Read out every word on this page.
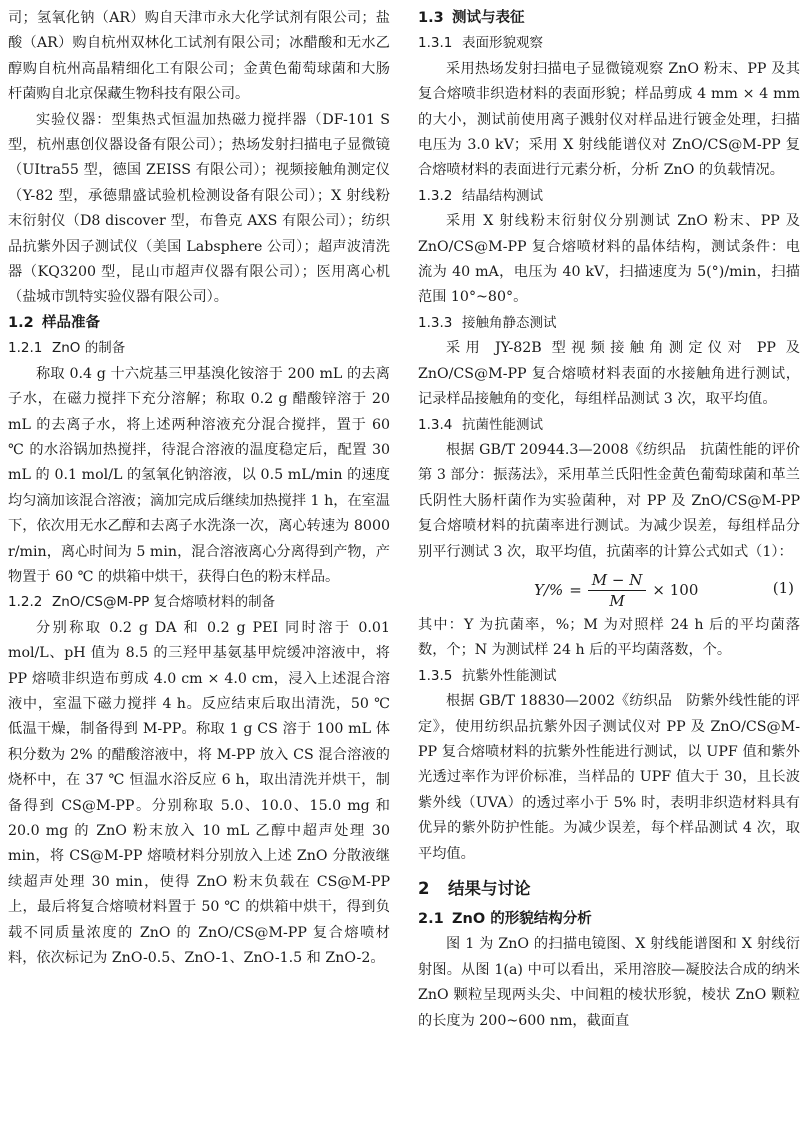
司；氢氧化钠（AR）购自天津市永大化学试剂有限公司；盐酸（AR）购自杭州双林化工试剂有限公司；冰醋酸和无水乙醇购自杭州高晶精细化工有限公司；金黄色葡萄球菌和大肠杆菌购自北京保藏生物科技有限公司。

实验仪器：型集热式恒温加热磁力搅拌器（DF-101 S 型，杭州惠创仪器设备有限公司）；热场发射扫描电子显微镜（UItra55 型，德国 ZEISS 有限公司）；视频接触角测定仪（Y-82 型，承德鼎盛试验机检测设备有限公司）；X 射线粉末衍射仪（D8 discover 型，布鲁克 AXS 有限公司）；纺织品抗紫外因子测试仪（美国 Labsphere 公司）；超声波清洗器（KQ3200 型，昆山市超声仪器有限公司）；医用离心机（盐城市凯特实验仪器有限公司）。

1.2 样品准备
1.2.1 ZnO 的制备

称取 0.4 g 十六烷基三甲基溴化铵溶于 200 mL 的去离子水，在磁力搅拌下充分溶解；称取 0.2 g 醋酸锌溶于 20 mL 的去离子水，将上述两种溶液充分混合搅拌，置于 60 ℃ 的水浴锅加热搅拌，待混合溶液的温度稳定后，配置 30 mL 的 0.1 mol/L 的氢氧化钠溶液，以 0.5 mL/min 的速度均匀滴加该混合溶液；滴加完成后继续加热搅拌 1 h，在室温下，依次用无水乙醇和去离子水洗涤一次，离心转速为 8000 r/min，离心时间为 5 min，混合溶液离心分离得到产物，产物置于 60 ℃ 的烘箱中烘干，获得白色的粉末样品。

1.2.2 ZnO/CS@M-PP 复合熔喷材料的制备

分别称取 0.2 g DA 和 0.2 g PEI 同时溶于 0.01 mol/L、pH 值为 8.5 的三羟甲基氨基甲烷缓冲溶液中，将 PP 熔喷非织造布剪成 4.0 cm × 4.0 cm，浸入上述混合溶液中，室温下磁力搅拌 4 h。反应结束后取出清洗，50 ℃ 低温干燥，制备得到 M-PP。称取 1 g CS 溶于 100 mL 体积分数为 2% 的醋酸溶液中，将 M-PP 放入 CS 混合溶液的烧杯中，在 37 ℃ 恒温水浴反应 6 h，取出清洗并烘干，制备得到 CS@M-PP。分别称取 5.0、10.0、15.0 mg 和 20.0 mg 的 ZnO 粉末放入 10 mL 乙醇中超声处理 30 min，将 CS@M-PP 熔喷材料分别放入上述 ZnO 分散液继续超声处理 30 min，使得 ZnO 粉末负载在 CS@M-PP 上，最后将复合熔喷材料置于 50 ℃ 的烘箱中烘干，得到负载不同质量浓度的 ZnO 的 ZnO/CS@M-PP 复合熔喷材料，依次标记为 ZnO-0.5、ZnO-1、ZnO-1.5 和 ZnO-2。

1.3 测试与表征
1.3.1 表面形貌观察

采用热场发射扫描电子显微镜观察 ZnO 粉末、PP 及其复合熔喷非织造材料的表面形貌；样品剪成 4 mm × 4 mm 的大小，测试前使用离子溅射仪对样品进行镀金处理，扫描电压为 3.0 kV；采用 X 射线能谱仪对 ZnO/CS@M-PP 复合熔喷材料的表面进行元素分析，分析 ZnO 的负载情况。

1.3.2 结晶结构测试

采用 X 射线粉末衍射仪分别测试 ZnO 粉末、PP 及 ZnO/CS@M-PP 复合熔喷材料的晶体结构，测试条件：电流为 40 mA，电压为 40 kV，扫描速度为 5(°)/min，扫描范围 10°~80°。

1.3.3 接触角静态测试

采用 JY-82B 型视频接触角测定仪对 PP 及 ZnO/CS@M-PP 复合熔喷材料表面的水接触角进行测试，记录样品接触角的变化，每组样品测试 3 次，取平均值。

1.3.4 抗菌性能测试

根据 GB/T 20944.3—2008《纺织品　抗菌性能的评价　第 3 部分：振荡法》，采用革兰氏阳性金黄色葡萄球菌和革兰氏阴性大肠杆菌作为实验菌种，对 PP 及 ZnO/CS@M-PP 复合熔喷材料的抗菌率进行测试。为减少误差，每组样品分别平行测试 3 次，取平均值，抗菌率的计算公式如式（1）：

$Y/\% = \frac{M - N}{M} \times 100$	(1)

其中：Y 为抗菌率，%；M 为对照样 24 h 后的平均菌落数，个；N 为测试样 24 h 后的平均菌落数，个。

1.3.5 抗紫外性能测试

根据 GB/T 18830—2002《纺织品　防紫外线性能的评定》，使用纺织品抗紫外因子测试仪对 PP 及 ZnO/CS@M-PP 复合熔喷材料的抗紫外性能进行测试，以 UPF 值和紫外光透过率作为评价标准，当样品的 UPF 值大于 30，且长波紫外线（UVA）的透过率小于 5% 时，表明非织造材料具有优异的紫外防护性能。为减少误差，每个样品测试 4 次，取平均值。

2 结果与讨论
2.1 ZnO 的形貌结构分析

图 1 为 ZnO 的扫描电镜图、X 射线能谱图和 X 射线衍射图。从图 1(a) 中可以看出，采用溶胶—凝胶法合成的纳米 ZnO 颗粒呈现两头尖、中间粗的棱状形貌，棱状 ZnO 颗粒的长度为 200~600 nm，截面直
